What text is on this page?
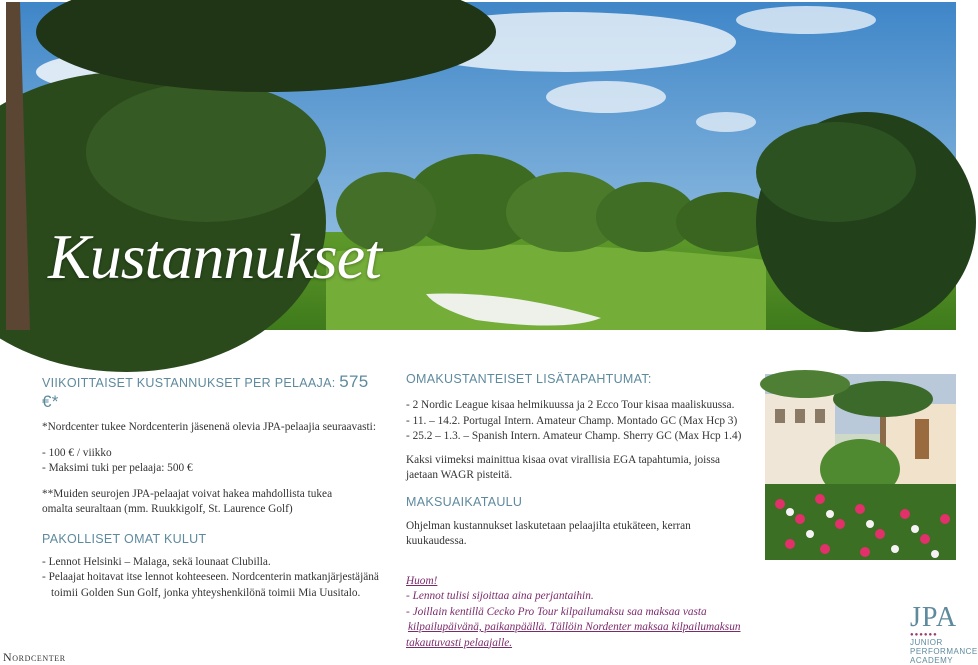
Kustannukset
VIIKOITTAISET KUSTANNUKSET PER PELAAJA: 575 €*
*Nordcenter tukee Nordcenterin jäsenenä olevia JPA-pelaajia seuraavasti:
- 100 € / viikko
- Maksimi tuki per pelaaja: 500 €
**Muiden seurojen JPA-pelaajat voivat hakea mahdollista tukea
omalta seuraltaan (mm. Ruukkigolf, St. Laurence Golf)
PAKOLLISET OMAT KULUT
- Lennot Helsinki – Malaga, sekä lounaat Clubilla.
- Pelaajat hoitavat itse lennot kohteeseen. Nordcenterin matkanjärjestäjänä
toimii Golden Sun Golf, jonka yhteyshenkilönä toimii Mia Uusitalo.
OMAKUSTANTEISET LISÄTAPAHTUMAT:
- 2 Nordic League kisaa helmikuussa ja 2 Ecco Tour kisaa maaliskuussa.
- 11. – 14.2. Portugal Intern. Amateur Champ. Montado GC (Max Hcp 3)
- 25.2 – 1.3. – Spanish Intern. Amateur Champ. Sherry GC (Max Hcp 1.4)
Kaksi viimeksi mainittua kisaa ovat virallisia EGA tapahtumia, joissa
jaetaan WAGR pisteitä.
MAKSUAIKATAULU
Ohjelman kustannukset laskutetaan pelaajilta etukäteen, kerran
kuukaudessa.
Huom!
- Lennot tulisi sijoittaa aina perjantaihin.
- Joillain kentillä Cecko Pro Tour kilpailumaksu saa maksaa vasta
kilpailupäivänä, paikanpäällä. Tällöin Nordenter maksaa kilpailumaksun
takautuvasti pelaajalle.
Nordcenter
JPA
●●●●●●
JUNIOR
PERFORMANCE
ACADEMY
